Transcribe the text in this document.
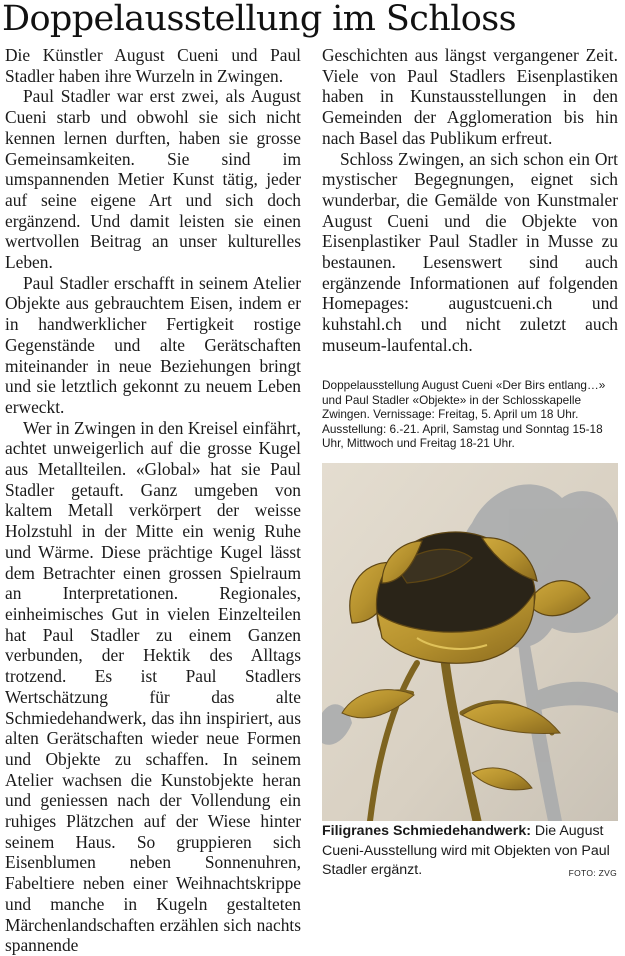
Doppelausstellung im Schloss

Die Künstler August Cueni und Paul Stadler haben ihre Wurzeln in Zwingen.

Paul Stadler war erst zwei, als August Cueni starb und obwohl sie sich nicht kennen lernen durften, haben sie grosse Gemeinsamkeiten. Sie sind im umspannenden Metier Kunst tätig, jeder auf seine eigene Art und sich doch ergänzend. Und damit leisten sie einen wertvollen Beitrag an unser kulturelles Leben.

Paul Stadler erschafft in seinem Atelier Objekte aus gebrauchtem Eisen, indem er in handwerklicher Fertigkeit rostige Gegenstände und alte Gerätschaften miteinander in neue Beziehungen bringt und sie letztlich gekonnt zu neuem Leben erweckt.

Wer in Zwingen in den Kreisel einfährt, achtet unweigerlich auf die grosse Kugel aus Metallteilen. «Global» hat sie Paul Stadler getauft. Ganz umgeben von kaltem Metall verkörpert der weisse Holzstuhl in der Mitte ein wenig Ruhe und Wärme. Diese prächtige Kugel lässt dem Betrachter einen grossen Spielraum an Interpretationen. Regionales, einheimisches Gut in vielen Einzelteilen hat Paul Stadler zu einem Ganzen verbunden, der Hektik des Alltags trotzend. Es ist Paul Stadlers Wertschätzung für das alte Schmiedehandwerk, das ihn inspiriert, aus alten Gerätschaften wieder neue Formen und Objekte zu schaffen. In seinem Atelier wachsen die Kunstobjekte heran und geniessen nach der Vollendung ein ruhiges Plätzchen auf der Wiese hinter seinem Haus. So gruppieren sich Eisenblumen neben Sonnenuhren, Fabeltiere neben einer Weihnachtskrippe und manche in Kugeln gestalteten Märchenlandschaften erzählen sich nachts spannende

Geschichten aus längst vergangener Zeit. Viele von Paul Stadlers Eisenplastiken haben in Kunstausstellungen in den Gemeinden der Agglomeration bis hin nach Basel das Publikum erfreut.

Schloss Zwingen, an sich schon ein Ort mystischer Begegnungen, eignet sich wunderbar, die Gemälde von Kunstmaler August Cueni und die Objekte von Eisenplastiker Paul Stadler in Musse zu bestaunen. Lesenswert sind auch ergänzende Informationen auf folgenden Homepages: augustcueni.ch und kuhstahl.ch und nicht zuletzt auch museum-laufental.ch.

Doppelausstellung August Cueni «Der Birs entlang…» und Paul Stadler «Objekte» in der Schlosskapelle Zwingen. Vernissage: Freitag, 5. April um 18 Uhr. Ausstellung: 6.-21. April, Samstag und Sonntag 15-18 Uhr, Mittwoch und Freitag 18-21 Uhr.

Filigranes Schmiedehandwerk: Die August Cueni-Ausstellung wird mit Objekten von Paul Stadler ergänzt.	FOTO: ZVG
